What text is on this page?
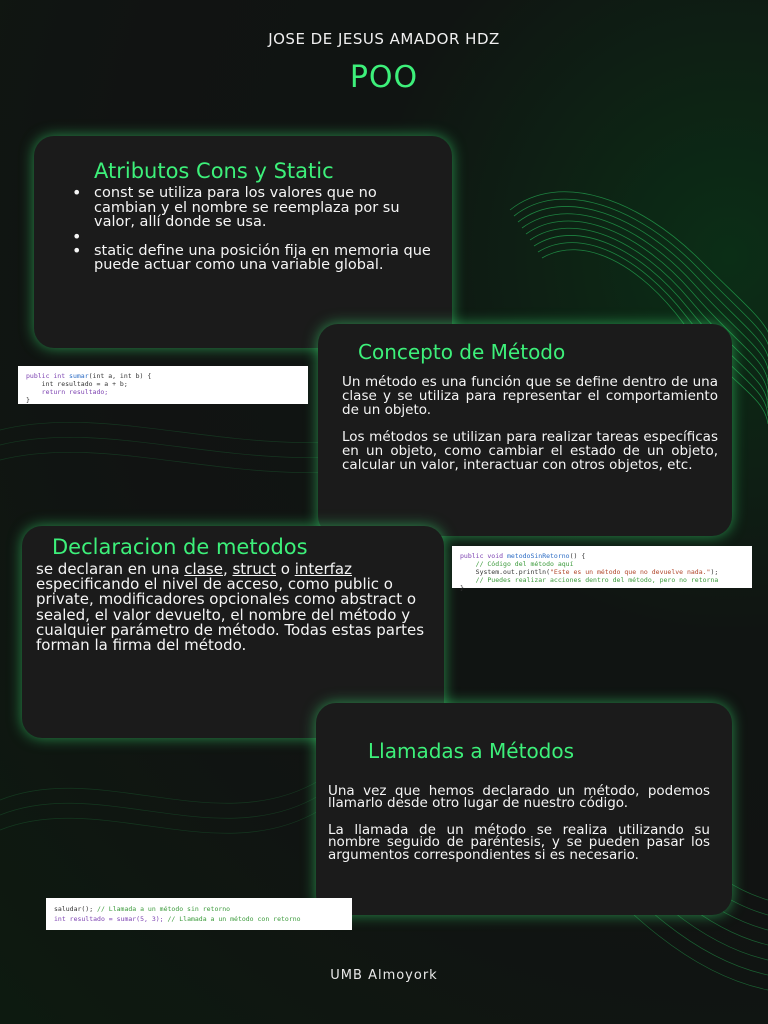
JOSE DE JESUS AMADOR HDZ
POO
Atributos Cons y Static
• const se utiliza para los valores que no cambian y el nombre se reemplaza por su valor, allí donde se usa.
•
• static define una posición fija en memoria que puede actuar como una variable global.
public int sumar(int a, int b) {
int resultado = a + b;
return resultado;
}
Concepto de Método

Un método es una función que se define dentro de una clase y se utiliza para representar el comportamiento de un objeto.

Los métodos se utilizan para realizar tareas específicas en un objeto, como cambiar el estado de un objeto, calcular un valor, interactuar con otros objetos, etc.

Declaracion de metodos

se declaran en una clase, struct o interfaz especificando el nivel de acceso, como public o private, modificadores opcionales como abstract o sealed, el valor devuelto, el nombre del método y cualquier parámetro de método. Todas estas partes forman la firma del método.

public void metodoSinRetorno() {
// Código del método aquí
System.out.println("Este es un método que no devuelve nada.");
// Puedes realizar acciones dentro del método, pero no retorna
}
Llamadas a Métodos

Una vez que hemos declarado un método, podemos llamarlo desde otro lugar de nuestro código.

La llamada de un método se realiza utilizando su nombre seguido de paréntesis, y se pueden pasar los argumentos correspondientes si es necesario.

saludar(); // Llamada a un método sin retorno
int resultado = sumar(5, 3); // Llamada a un método con retorno
UMB Almoyork
